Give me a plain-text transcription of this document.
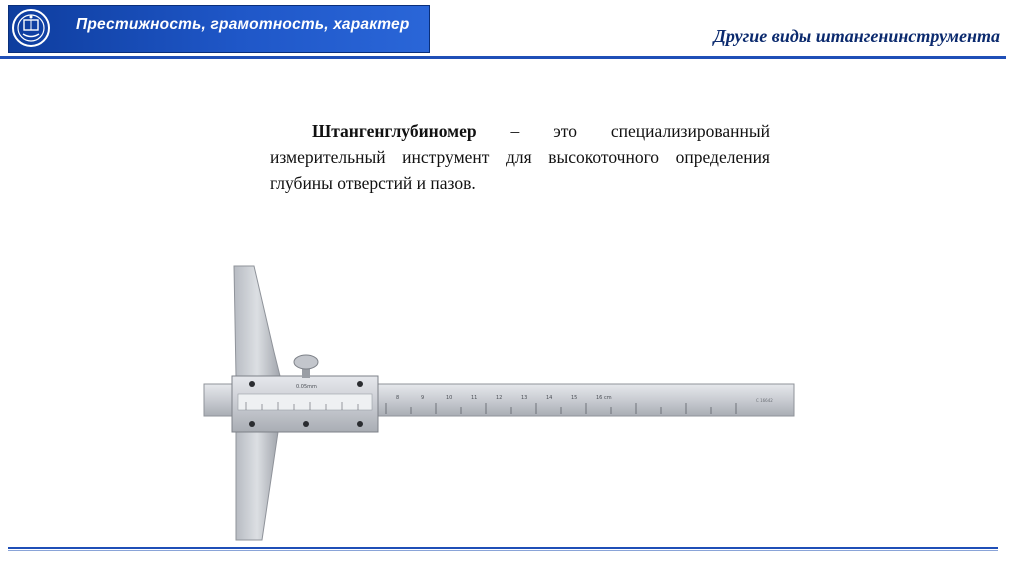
Престижность, грамотность, характер
Другие виды штангенинструмента
Штангенглубиномер – это специализированный измерительный инструмент для высокоточного определения глубины отверстий и пазов.
8	9	10	11	12	13	14	15	16 cm
0.05mm
C 16642
